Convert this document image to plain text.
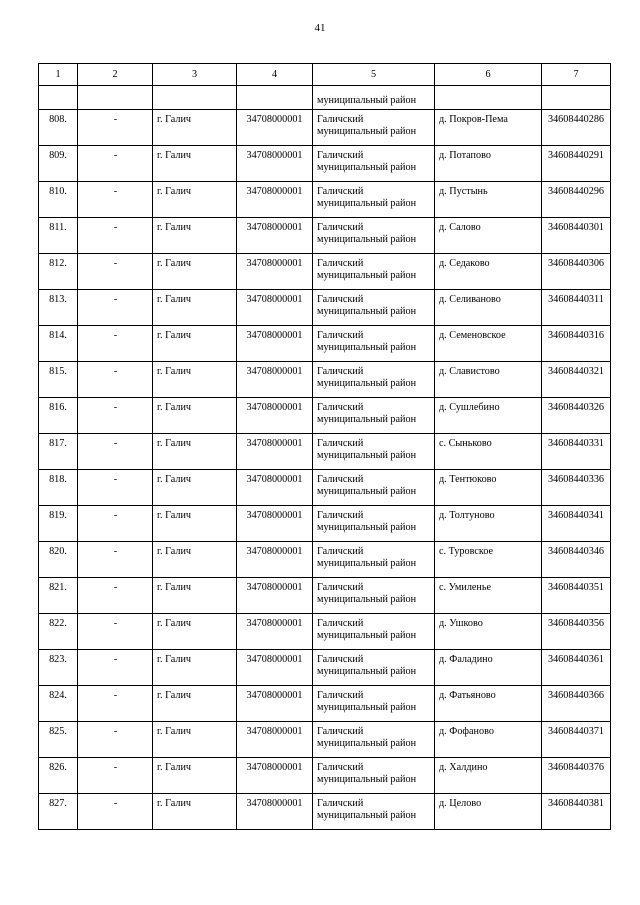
41
1	2	3	4	5	6	7
				муниципальный район		

808.	-	г. Галич	34708000001	Галичский
муниципальный район	д. Покров-Пема	34608440286

809.	-	г. Галич	34708000001	Галичский
муниципальный район	д. Потапово	34608440291

810.	-	г. Галич	34708000001	Галичский
муниципальный район	д. Пустынь	34608440296

811.	-	г. Галич	34708000001	Галичский
муниципальный район	д. Салово	34608440301

812.	-	г. Галич	34708000001	Галичский
муниципальный район	д. Седаково	34608440306

813.	-	г. Галич	34708000001	Галичский
муниципальный район	д. Селиваново	34608440311

814.	-	г. Галич	34708000001	Галичский
муниципальный район	д. Семеновское	34608440316

815.	-	г. Галич	34708000001	Галичский
муниципальный район	д. Славистово	34608440321

816.	-	г. Галич	34708000001	Галичский
муниципальный район	д. Сушлебино	34608440326

817.	-	г. Галич	34708000001	Галичский
муниципальный район	с. Сыньково	34608440331

818.	-	г. Галич	34708000001	Галичский
муниципальный район	д. Тентюково	34608440336

819.	-	г. Галич	34708000001	Галичский
муниципальный район	д. Толтуново	34608440341

820.	-	г. Галич	34708000001	Галичский
муниципальный район	с. Туровское	34608440346

821.	-	г. Галич	34708000001	Галичский
муниципальный район	с. Умиленье	34608440351

822.	-	г. Галич	34708000001	Галичский
муниципальный район	д. Ушково	34608440356

823.	-	г. Галич	34708000001	Галичский
муниципальный район	д. Фаладино	34608440361

824.	-	г. Галич	34708000001	Галичский
муниципальный район	д. Фатьяново	34608440366

825.	-	г. Галич	34708000001	Галичский
муниципальный район	д. Фофаново	34608440371

826.	-	г. Галич	34708000001	Галичский
муниципальный район	д. Халдино	34608440376

827.	-	г. Галич	34708000001	Галичский
муниципальный район	д. Целово	34608440381
